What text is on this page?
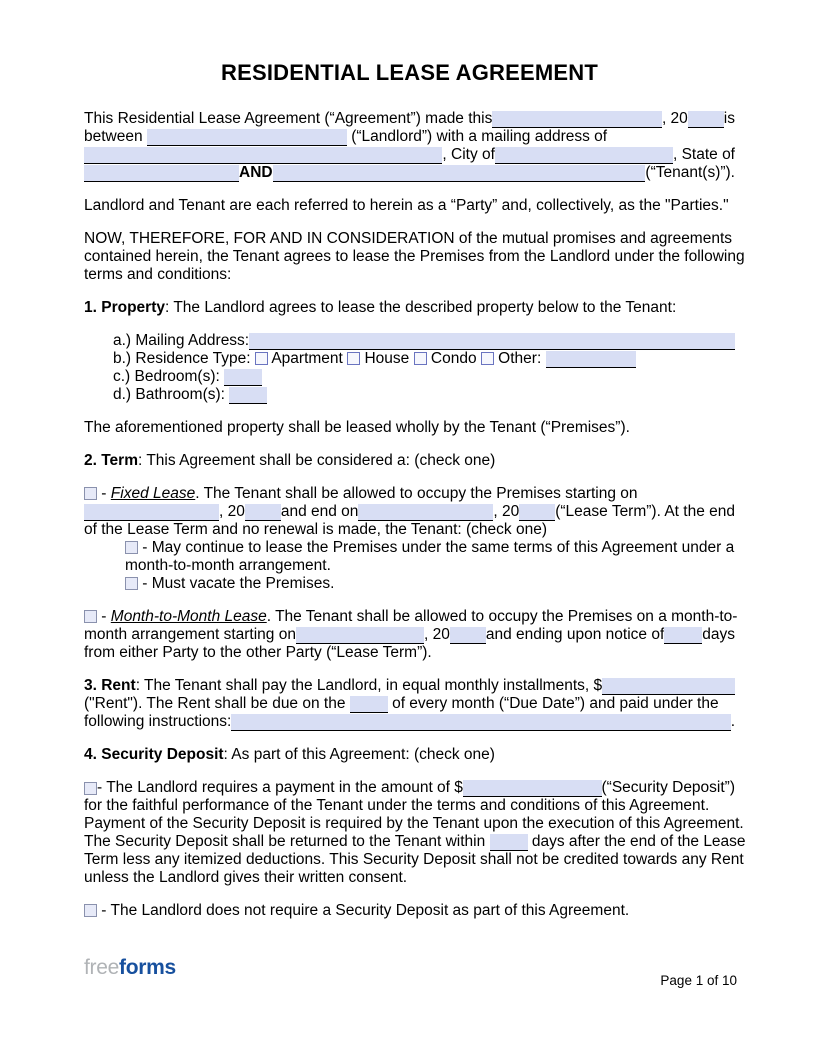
RESIDENTIAL LEASE AGREEMENT
This Residential Lease Agreement (“Agreement”) made this	, 20 is
between	(“Landlord”) with a mailing address of
, City of	, State of
AND	(“Tenant(s)”).
Landlord and Tenant are each referred to herein as a “Party” and, collectively, as the "Parties."
NOW, THEREFORE, FOR AND IN CONSIDERATION of the mutual promises and agreements
contained herein, the Tenant agrees to lease the Premises from the Landlord under the following
terms and conditions:
1. Property: The Landlord agrees to lease the described property below to the Tenant:
a.) Mailing Address:
b.) Residence Type:  Apartment  House  Condo  Other:
c.) Bedroom(s):
d.) Bathroom(s):
The aforementioned property shall be leased wholly by the Tenant (“Premises”).
2. Term: This Agreement shall be considered a: (check one)
- Fixed Lease. The Tenant shall be allowed to occupy the Premises starting on
, 20 and end on	, 20 (“Lease Term”). At the end
of the Lease Term and no renewal is made, the Tenant: (check one)
- May continue to lease the Premises under the same terms of this Agreement under a
month-to-month arrangement.
- Must vacate the Premises.
- Month-to-Month Lease. The Tenant shall be allowed to occupy the Premises on a month-to-
month arrangement starting on	, 20 and ending upon notice of days
from either Party to the other Party (“Lease Term”).
3. Rent : The Tenant shall pay the Landlord, in equal monthly installments, $
("Rent"). The Rent shall be due on the  of every month (“Due Date”) and paid under the
following instructions:	.
4. Security Deposit: As part of this Agreement: (check one)
- The Landlord requires a payment in the amount of $	(“Security Deposit”)
for the faithful performance of the Tenant under the terms and conditions of this Agreement.
Payment of the Security Deposit is required by the Tenant upon the execution of this Agreement.
The Security Deposit shall be returned to the Tenant within  days after the end of the Lease
Term less any itemized deductions. This Security Deposit shall not be credited towards any Rent
unless the Landlord gives their written consent.
- The Landlord does not require a Security Deposit as part of this Agreement.
freeforms
Page 1 of 10
